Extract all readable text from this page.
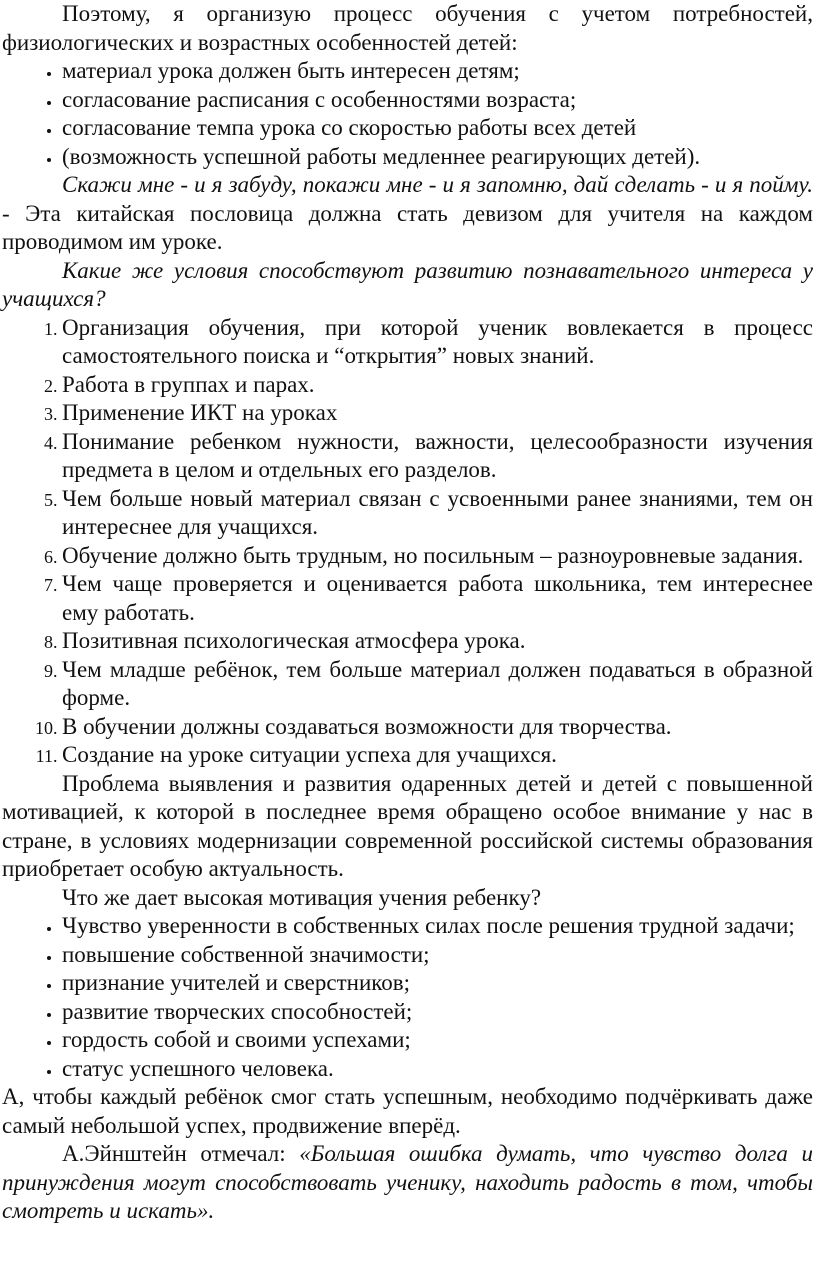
Поэтому, я организую процесс обучения с учетом потребностей, физиологических и возрастных особенностей детей:

• материал урока должен быть интересен детям;
• согласование расписания с особенностями возраста;
• согласование темпа урока со скоростью работы всех детей
• (возможность успешной работы медленнее реагирующих детей).

Скажи мне - и я забуду, покажи мне - и я запомню, дай сделать - и я пойму. - Эта китайская пословица должна стать девизом для учителя на каждом проводимом им уроке.

Какие же условия способствуют развитию познавательного интереса у учащихся?

1. Организация обучения, при которой ученик вовлекается в процесс самостоятельного поиска и “открытия” новых знаний.
2. Работа в группах и парах.
3. Применение ИКТ на уроках
4. Понимание ребенком нужности, важности, целесообразности изучения предмета в целом и отдельных его разделов.
5. Чем больше новый материал связан с усвоенными ранее знаниями, тем он интереснее для учащихся.
6. Обучение должно быть трудным, но посильным – разноуровневые задания.
7. Чем чаще проверяется и оценивается работа школьника, тем интереснее ему работать.
8. Позитивная психологическая атмосфера урока.
9. Чем младше ребёнок, тем больше материал должен подаваться в образной форме.
10. В обучении должны создаваться возможности для творчества.
11. Создание на уроке ситуации успеха для учащихся.

Проблема выявления и развития одаренных детей и детей с повышенной мотивацией, к которой в последнее время обращено особое внимание у нас в стране, в условиях модернизации современной российской системы образования приобретает особую актуальность.

Что же дает высокая мотивация учения ребенку?

• Чувство уверенности в собственных силах после решения трудной задачи;
• повышение собственной значимости;
• признание учителей и сверстников;
• развитие творческих способностей;
• гордость собой и своими успехами;
• статус успешного человека.

А, чтобы каждый ребёнок смог стать успешным, необходимо подчёркивать даже самый небольшой успех, продвижение вперёд.

А.Эйнштейн отмечал: «Большая ошибка думать, что чувство долга и принуждения могут способствовать ученику, находить радость в том, чтобы смотреть и искать».
